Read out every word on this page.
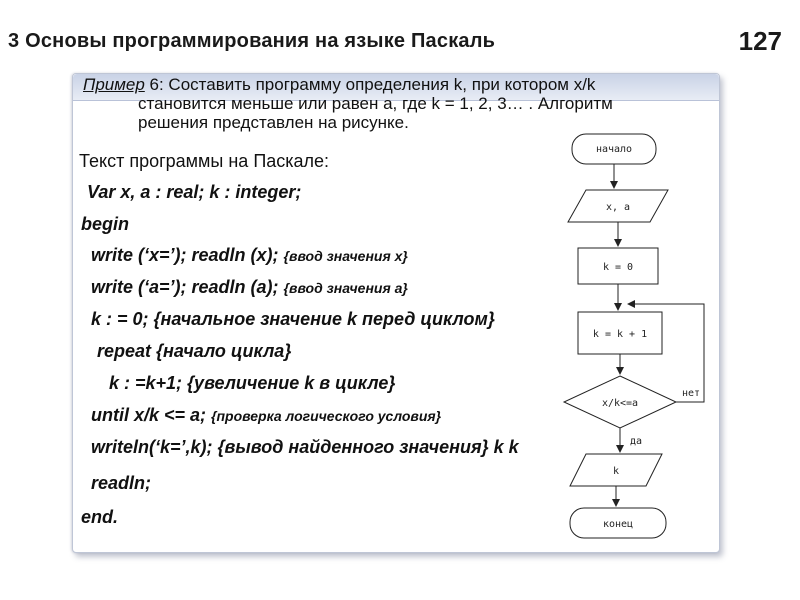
3 Основы программирования на языке Паскаль	127
Пример 6: Составить программу определения k, при котором x/k
становится меньше или равен a, где k = 1, 2, 3… . Алгоритм
решения представлен на рисунке.
Текст программы на Паскале:
Var x, a : real; k : integer;
begin
write (‘x=’); readln (x); {ввод значения x}
write (‘a=’); readln (a); {ввод значения a}
k : = 0; {начальное значение k перед циклом}
repeat {начало цикла}
k : =k+1; {увеличение k в цикле}
until x/k <= a; {проверка логического условия}
writeln(‘k=’,k); {вывод найденного значения} k k
readln;
end.
начало
x, a
k = 0
k = k + 1
x/k<=a
нет
да
k
конец
